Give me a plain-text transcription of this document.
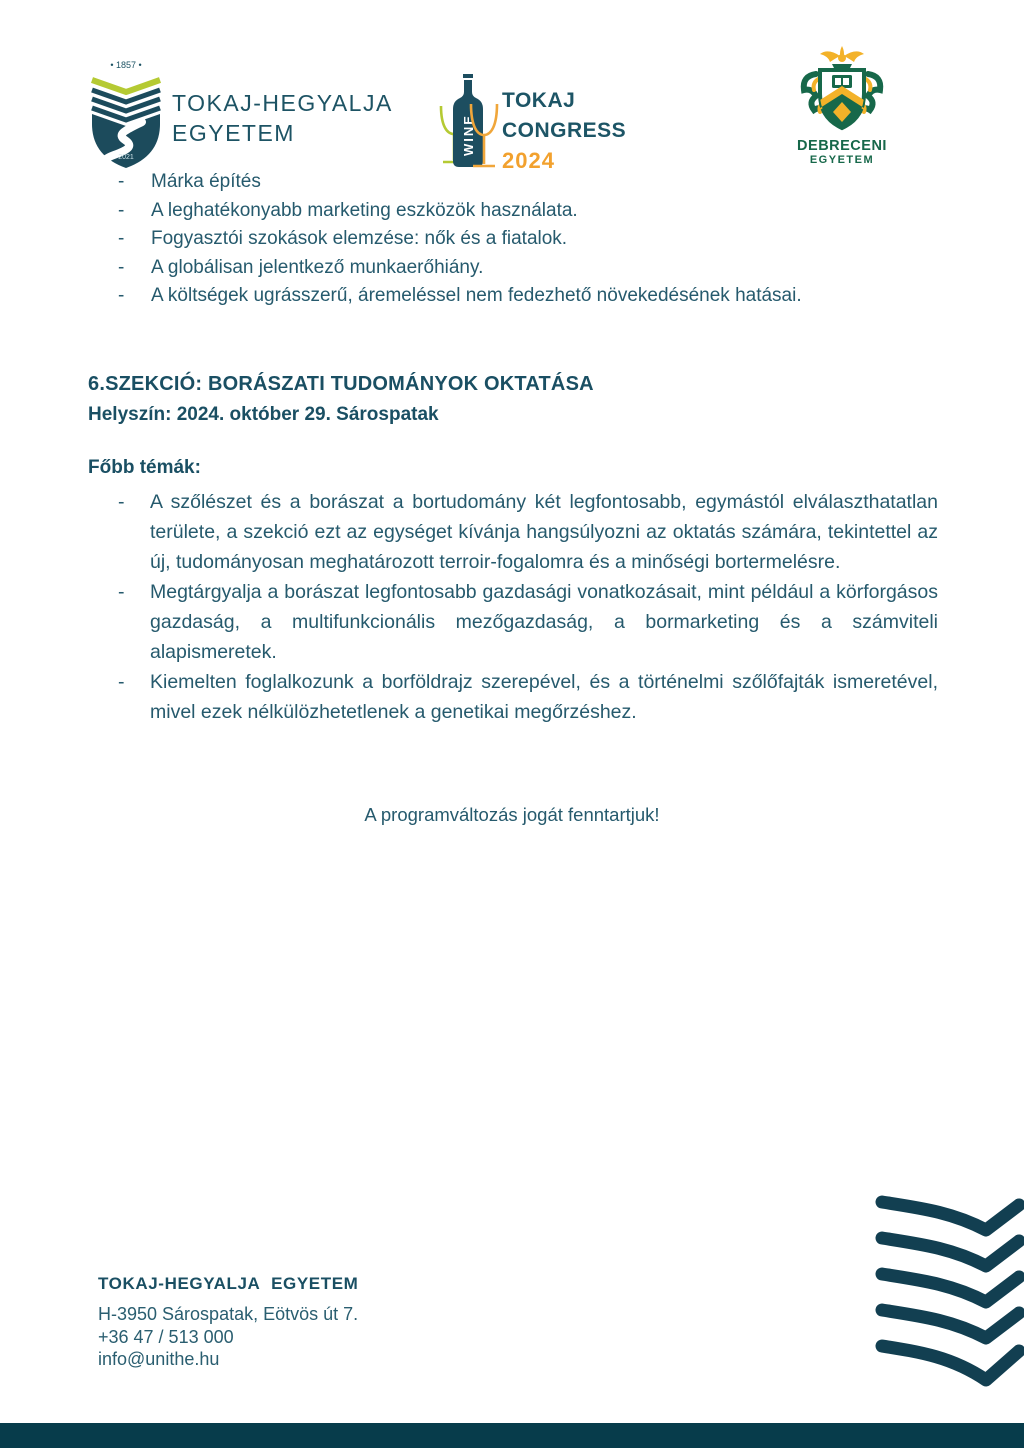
• 1857 •
2021
TOKAJ-HEGYALJA
EGYETEM	WINE
TOKAJ
CONGRESS
2024
DEBRECENI
EGYETEM
- Márka építés
- A leghatékonyabb marketing eszközök használata.
- Fogyasztói szokások elemzése: nők és a fiatalok.
- A globálisan jelentkező munkaerőhiány.
- A költségek ugrásszerű, áremeléssel nem fedezhető növekedésének hatásai.
6.SZEKCIÓ: BORÁSZATI TUDOMÁNYOK OKTATÁSA
Helyszín: 2024. október 29. Sárospatak
Főbb témák:
- A szőlészet és a borászat a bortudomány két legfontosabb, egymástól elválaszthatatlan területe, a szekció ezt az egységet kívánja hangsúlyozni az oktatás számára, tekintettel az új, tudományosan meghatározott terroir-fogalomra és a minőségi bortermelésre.
- Megtárgyalja a borászat legfontosabb gazdasági vonatkozásait, mint például a körforgásos gazdaság, a multifunkcionális mezőgazdaság, a bormarketing és a számviteli alapismeretek.
- Kiemelten foglalkozunk a borföldrajz szerepével, és a történelmi szőlőfajták ismeretével, mivel ezek nélkülözhetetlenek a genetikai megőrzéshez.
A programváltozás jogát fenntartjuk!
TOKAJ-HEGYALJA EGYETEM
H-3950 Sárospatak, Eötvös út 7.
+36 47 / 513 000
info@unithe.hu
